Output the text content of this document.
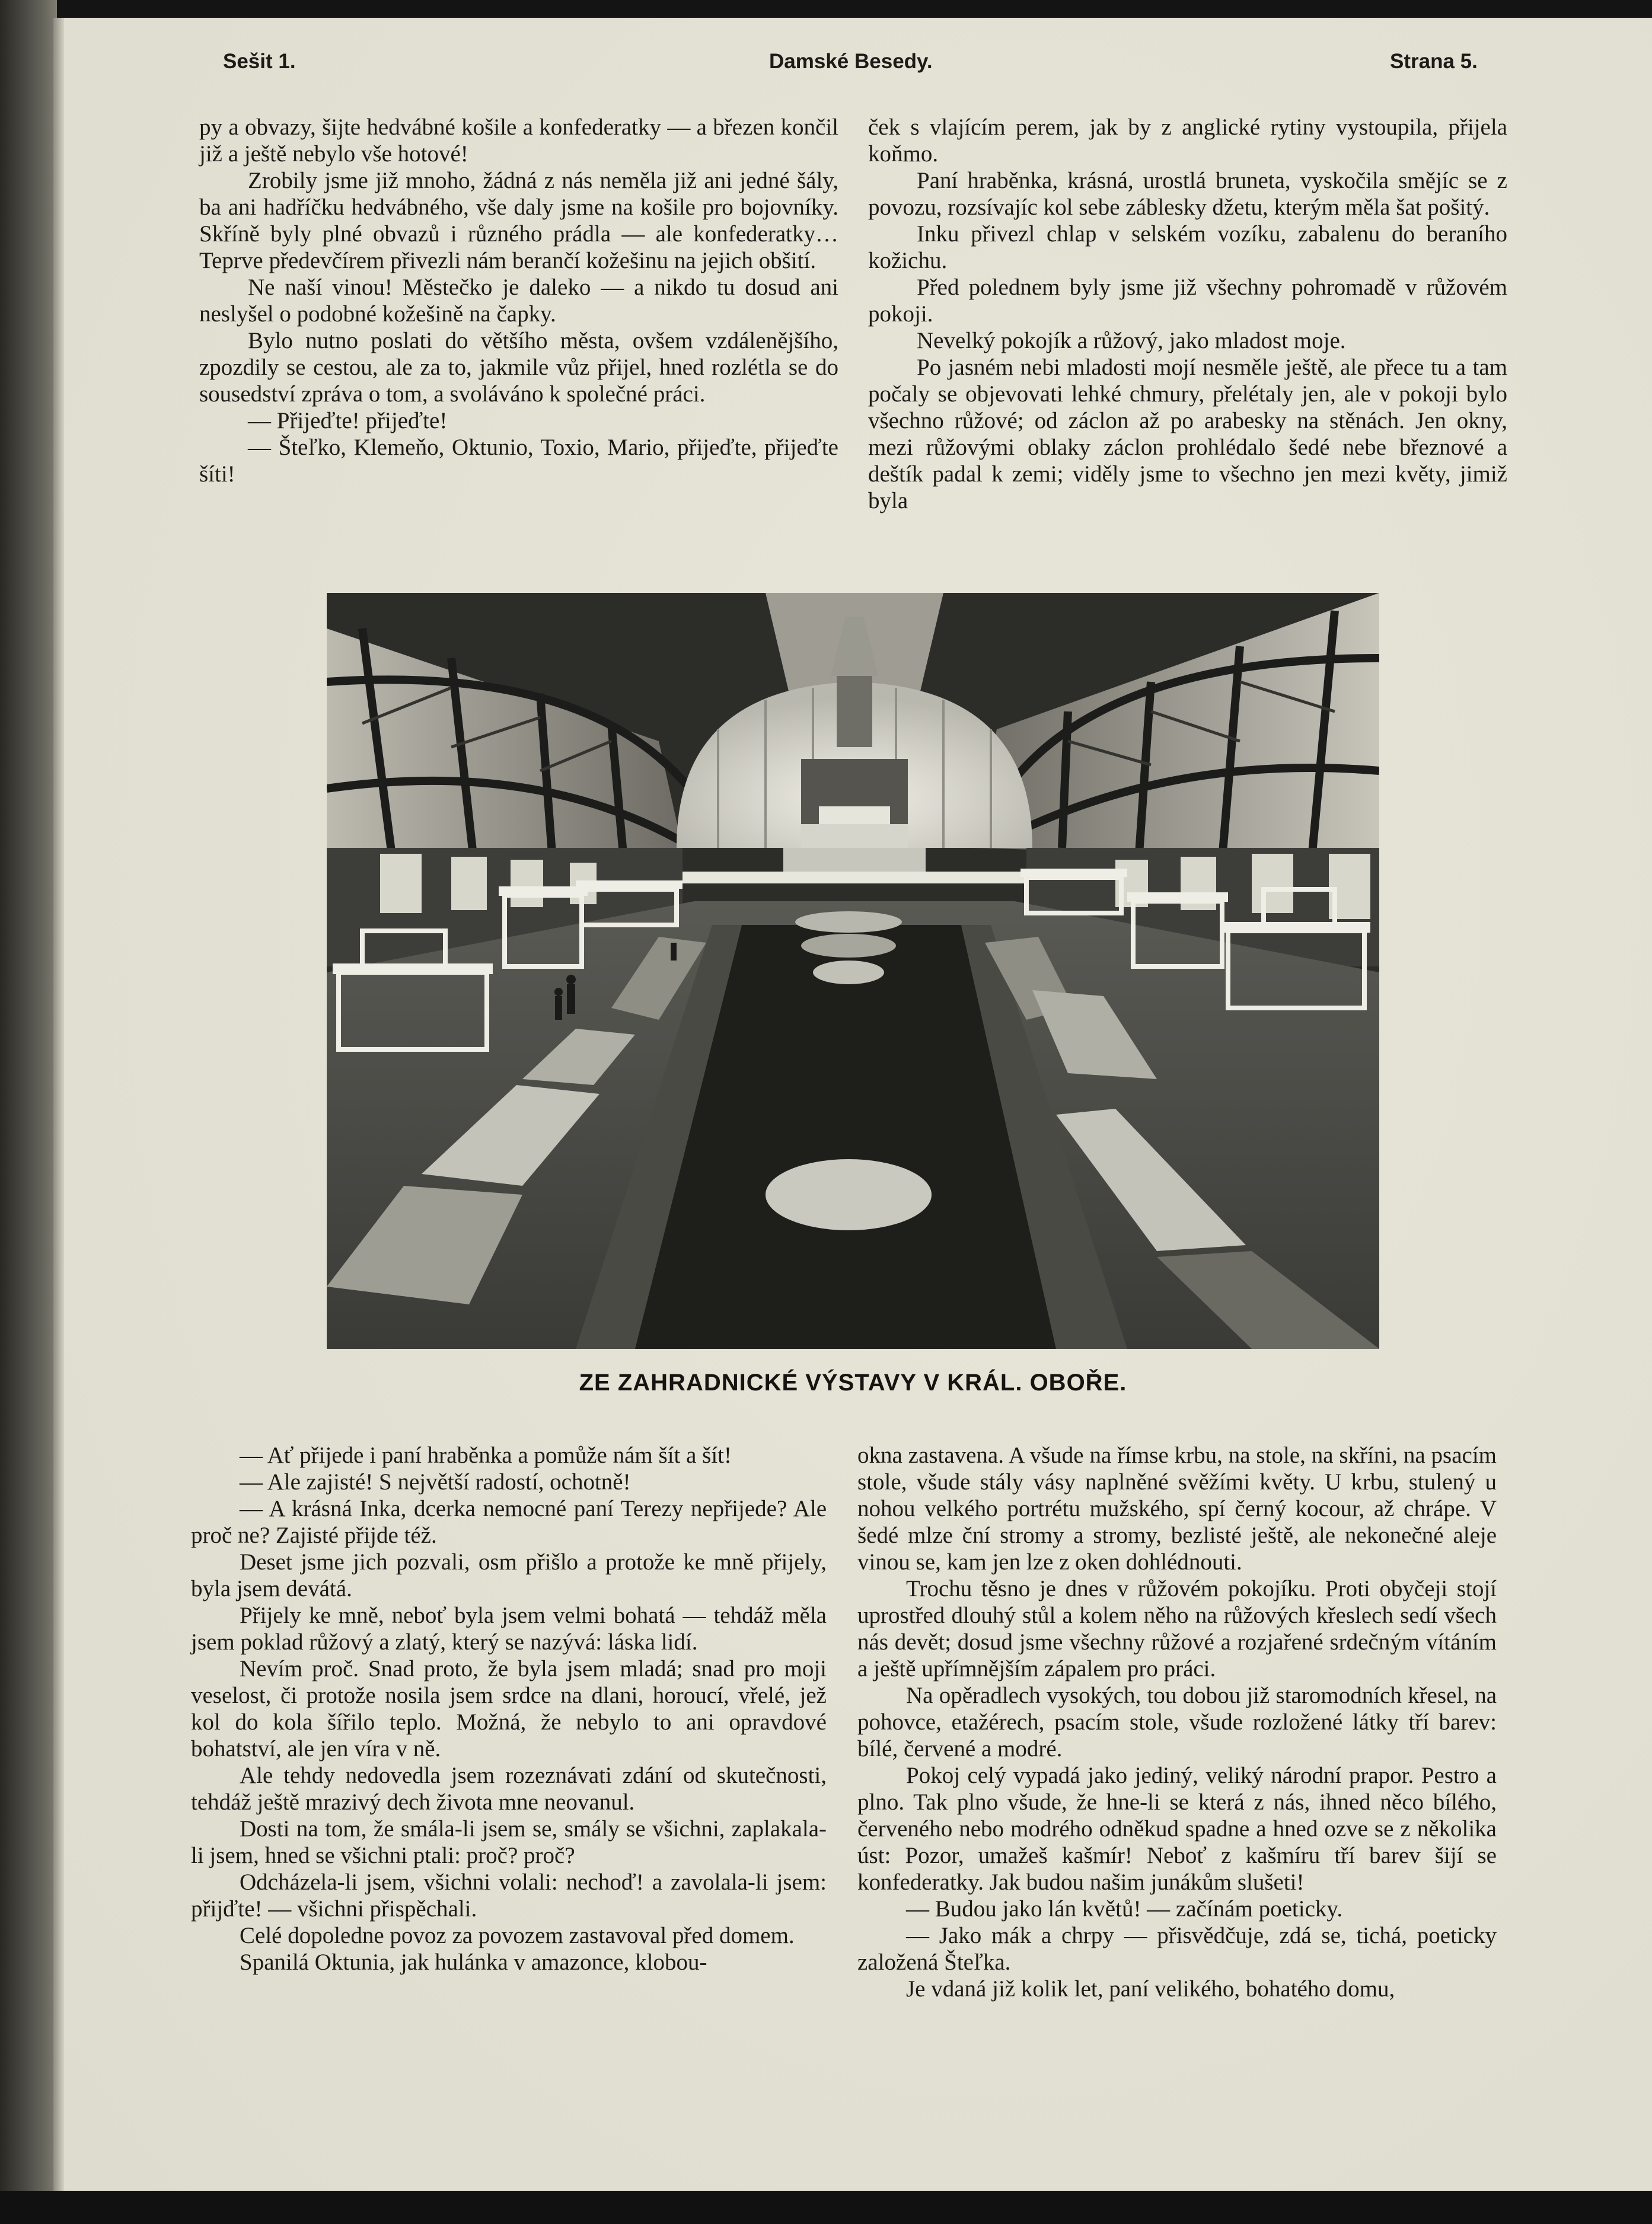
Sešit 1.	Damské Besedy.	Strana 5.

py a obvazy, šijte hedvábné košile a konfederatky — a březen končil již a ještě nebylo vše hotové!

Zrobily jsme již mnoho, žádná z nás neměla již ani jedné šály, ba ani hadříčku hedvábného, vše daly jsme na košile pro bojovníky. Skříně byly plné obvazů i různého prádla — ale konfederatky… Teprve předevčírem přivezli nám berančí kožešinu na jejich obšití.

Ne naší vinou! Městečko je daleko — a nikdo tu dosud ani neslyšel o podobné kožešině na čapky.

Bylo nutno poslati do většího města, ovšem vzdálenějšího, zpozdily se cestou, ale za to, jakmile vůz přijel, hned rozlétla se do sousedství zpráva o tom, a svoláváno k společné práci.

— Přijeďte! přijeďte!

— Šteľko, Klemeňo, Oktunio, Toxio, Mario, přijeďte, přijeďte šíti!

ček s vlajícím perem, jak by z anglické rytiny vystoupila, přijela koňmo.

Paní hraběnka, krásná, urostlá bruneta, vyskočila smějíc se z povozu, rozsívajíc kol sebe záblesky džetu, kterým měla šat pošitý.

Inku přivezl chlap v selském vozíku, zabalenu do beraního kožichu.

Před polednem byly jsme již všechny pohromadě v růžovém pokoji.

Nevelký pokojík a růžový, jako mladost moje.

Po jasném nebi mladosti mojí nesměle ještě, ale přece tu a tam počaly se objevovati lehké chmury, přelétaly jen, ale v pokoji bylo všechno růžové; od záclon až po arabesky na stěnách. Jen okny, mezi růžovými oblaky záclon prohlédalo šedé nebe březnové a deštík padal k zemi; viděly jsme to všechno jen mezi květy, jimiž byla

ZE ZAHRADNICKÉ VÝSTAVY V KRÁL. OBOŘE.

— Ať přijede i paní hraběnka a pomůže nám šít a šít!

— Ale zajisté! S největší radostí, ochotně!

— A krásná Inka, dcerka nemocné paní Terezy nepřijede? Ale proč ne? Zajisté přijde též.

Deset jsme jich pozvali, osm přišlo a protože ke mně přijely, byla jsem devátá.

Přijely ke mně, neboť byla jsem velmi bohatá — tehdáž měla jsem poklad růžový a zlatý, který se nazývá: láska lidí.

Nevím proč. Snad proto, že byla jsem mladá; snad pro moji veselost, či protože nosila jsem srdce na dlani, horoucí, vřelé, jež kol do kola šířilo teplo. Možná, že nebylo to ani opravdové bohatství, ale jen víra v ně.

Ale tehdy nedovedla jsem rozeznávati zdání od skutečnosti, tehdáž ještě mrazivý dech života mne neovanul.

Dosti na tom, že smála-li jsem se, smály se všichni, zaplakala-li jsem, hned se všichni ptali: proč? proč?

Odcházela-li jsem, všichni volali: nechoď! a zavolala-li jsem: přijďte! — všichni přispěchali.

Celé dopoledne povoz za povozem zastavoval před domem.

Spanilá Oktunia, jak hulánka v amazonce, klobou-

okna zastavena. A všude na římse krbu, na stole, na skříni, na psacím stole, všude stály vásy naplněné svěžími květy. U krbu, stulený u nohou velkého portrétu mužského, spí černý kocour, až chrápe. V šedé mlze ční stromy a stromy, bezlisté ještě, ale nekonečné aleje vinou se, kam jen lze z oken dohlédnouti.

Trochu těsno je dnes v růžovém pokojíku. Proti obyčeji stojí uprostřed dlouhý stůl a kolem něho na růžových křeslech sedí všech nás devět; dosud jsme všechny růžové a rozjařené srdečným vítáním a ještě upřímnějším zápalem pro práci.

Na opěradlech vysokých, tou dobou již staromodních křesel, na pohovce, etažérech, psacím stole, všude rozložené látky tří barev: bílé, červené a modré.

Pokoj celý vypadá jako jediný, veliký národní prapor. Pestro a plno. Tak plno všude, že hne-li se která z nás, ihned něco bílého, červeného nebo modrého odněkud spadne a hned ozve se z několika úst: Pozor, umažeš kašmír! Neboť z kašmíru tří barev šijí se konfederatky. Jak budou našim junákům slušeti!

— Budou jako lán květů! — začínám poeticky.

— Jako mák a chrpy — přisvědčuje, zdá se, tichá, poeticky založená Šteľka.

Je vdaná již kolik let, paní velikého, bohatého domu,
